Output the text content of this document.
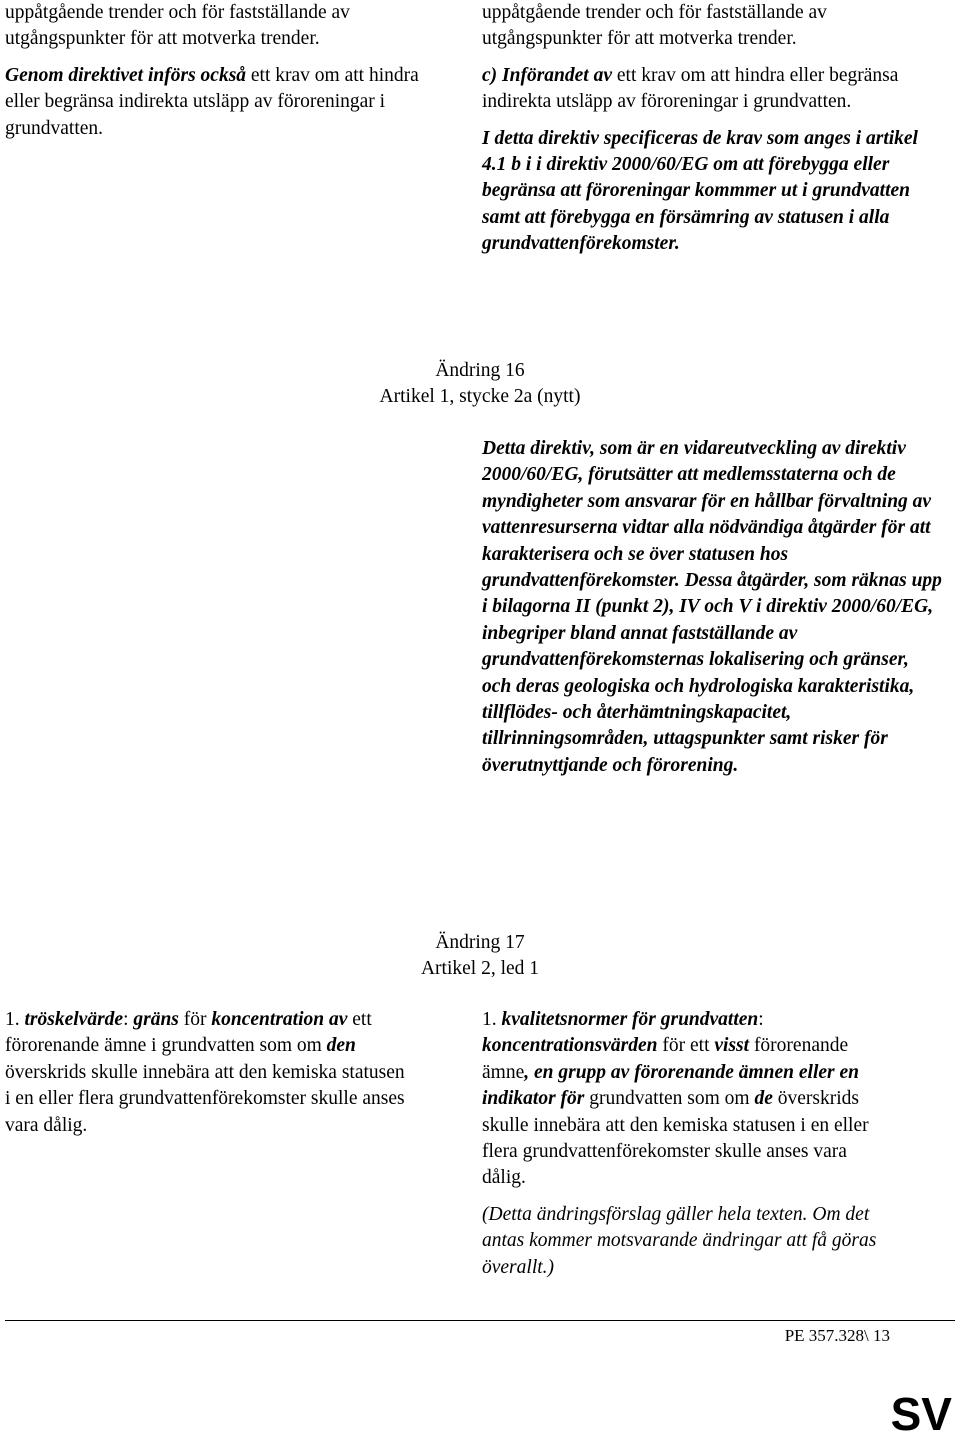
uppåtgående trender och för fastställande av

utgångspunkter för att motverka trender.

Genom direktivet införs också ett krav om att hindra eller begränsa indirekta utsläpp av föroreningar i grundvatten.

uppåtgående trender och för fastställande av

utgångspunkter för att motverka trender.

c) Införandet av ett krav om att hindra eller begränsa indirekta utsläpp av föroreningar i grundvatten.

I detta direktiv specificeras de krav som anges i artikel 4.1 b i i direktiv 2000/60/EG om att förebygga eller begränsa att föroreningar kommmer ut i grundvatten samt att förebygga en försämring av statusen i alla grundvattenförekomster.

Ändring 16
Artikel 1, stycke 2a (nytt)

Detta direktiv, som är en vidareutveckling av direktiv 2000/60/EG, förutsätter att medlemsstaterna och de myndigheter som ansvarar för en hållbar förvaltning av vattenresurserna vidtar alla nödvändiga åtgärder för att karakterisera och se över statusen hos grundvattenförekomster. Dessa åtgärder, som räknas upp i bilagorna II (punkt 2), IV och V i direktiv 2000/60/EG, inbegriper bland annat fastställande av grundvattenförekomsternas lokalisering och gränser, och deras geologiska och hydrologiska karakteristika, tillflödes- och återhämtningskapacitet, tillrinningsområden, uttagspunkter samt risker för överutnyttjande och förorening.

Ändring 17
Artikel 2, led 1

1. tröskelvärde: gräns för koncentration av ett förorenande ämne i grundvatten som om den överskrids skulle innebära att den kemiska statusen i en eller flera grundvattenförekomster skulle anses vara dålig.

1. kvalitetsnormer för grundvatten: koncentrationsvärden för ett visst förorenande ämne, en grupp av förorenande ämnen eller en indikator för grundvatten som om de överskrids skulle innebära att den kemiska statusen i en eller flera grundvattenförekomster skulle anses vara dålig.

(Detta ändringsförslag gäller hela texten. Om det antas kommer motsvarande ändringar att få göras överallt.)

PE 357.328\ 13
SV
